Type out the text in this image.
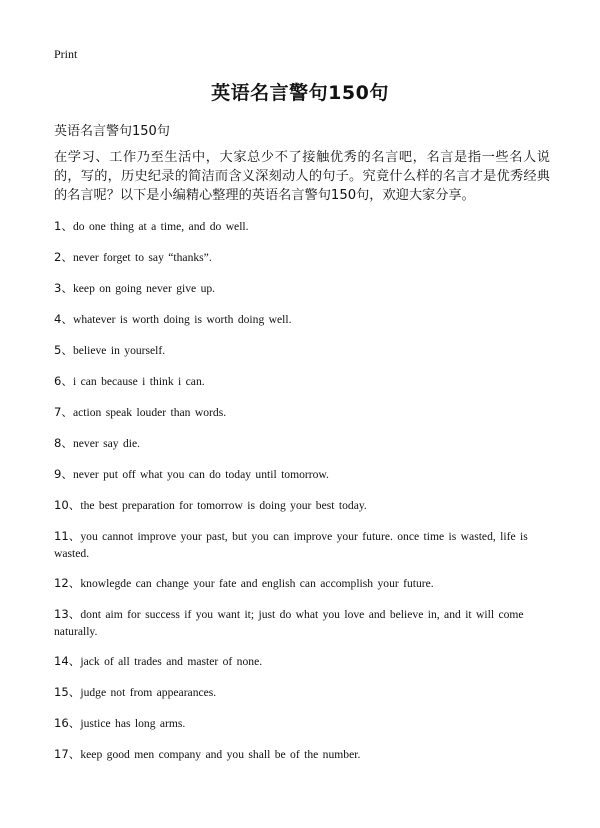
Print
英语名言警句150句
英语名言警句150句
在学习、工作乃至生活中，大家总少不了接触优秀的名言吧，名言是指一些名人说的，写的，历史纪录的简洁而含义深刻动人的句子。究竟什么样的名言才是优秀经典的名言呢？以下是小编精心整理的英语名言警句150句，欢迎大家分享。
1、do one thing at a time, and do well.
2、never forget to say “thanks”.
3、keep on going never give up.
4、whatever is worth doing is worth doing well.
5、believe in yourself.
6、i can because i think i can.
7、action speak louder than words.
8、never say die.
9、never put off what you can do today until tomorrow.
10、the best preparation for tomorrow is doing your best today.
11、you cannot improve your past, but you can improve your future. once time is wasted, life is wasted.
12、knowlegde can change your fate and english can accomplish your future.
13、dont aim for success if you want it; just do what you love and believe in, and it will come naturally.
14、jack of all trades and master of none.
15、judge not from appearances.
16、justice has long arms.
17、keep good men company and you shall be of the number.
